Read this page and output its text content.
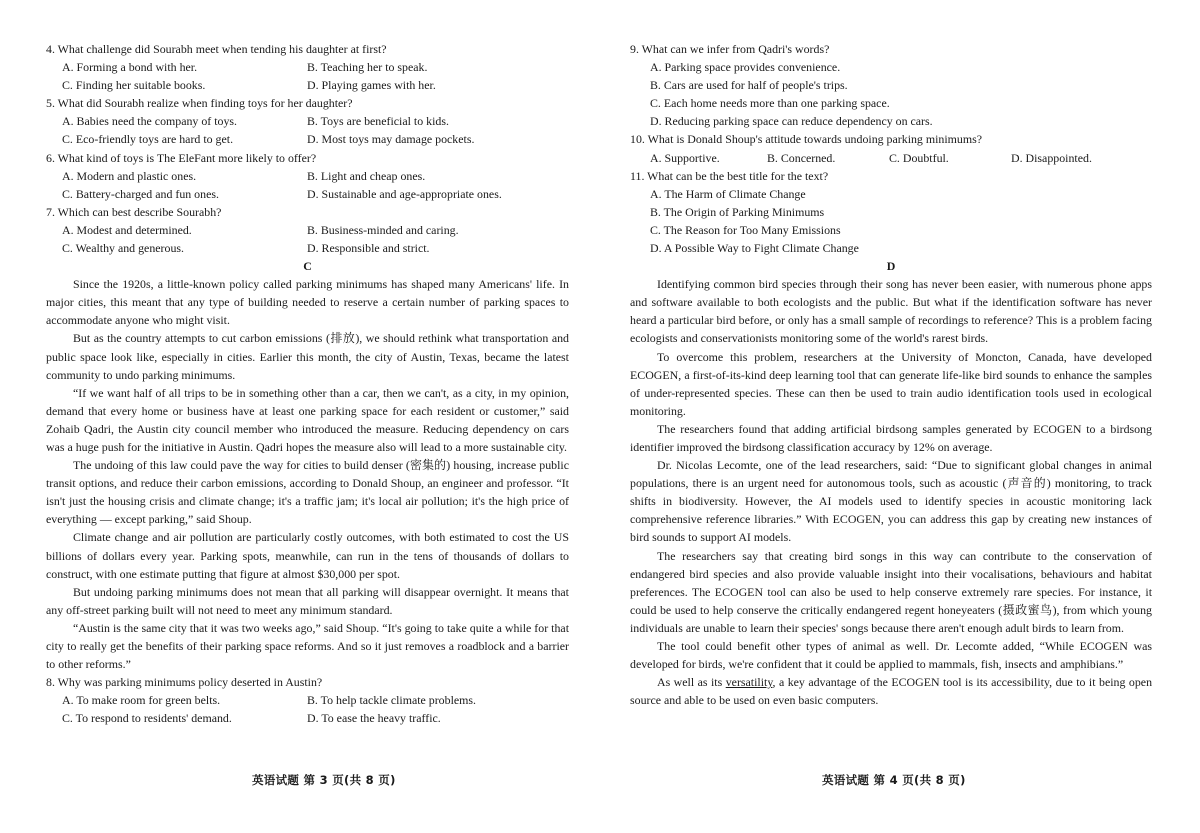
4. What challenge did Sourabh meet when tending his daughter at first?

A. Forming a bond with her.	B. Teaching her to speak.
C. Finding her suitable books.	D. Playing games with her.

5. What did Sourabh realize when finding toys for her daughter?

A. Babies need the company of toys.	B. Toys are beneficial to kids.
C. Eco-friendly toys are hard to get.	D. Most toys may damage pockets.

6. What kind of toys is The EleFant more likely to offer?

A. Modern and plastic ones.	B. Light and cheap ones.
C. Battery-charged and fun ones.	D. Sustainable and age-appropriate ones.

7. Which can best describe Sourabh?

A. Modest and determined.	B. Business-minded and caring.
C. Wealthy and generous.	D. Responsible and strict.

C

Since the 1920s, a little-known policy called parking minimums has shaped many Americans' life. In major cities, this meant that any type of building needed to reserve a certain number of parking spaces to accommodate anyone who might visit.

But as the country attempts to cut carbon emissions (排放), we should rethink what transportation and public space look like, especially in cities. Earlier this month, the city of Austin, Texas, became the latest community to undo parking minimums.

“If we want half of all trips to be in something other than a car, then we can't, as a city, in my opinion, demand that every home or business have at least one parking space for each resident or customer,” said Zohaib Qadri, the Austin city council member who introduced the measure. Reducing dependency on cars was a huge push for the initiative in Austin. Qadri hopes the measure also will lead to a more sustainable city.

The undoing of this law could pave the way for cities to build denser (密集的) housing, increase public transit options, and reduce their carbon emissions, according to Donald Shoup, an engineer and professor. “It isn't just the housing crisis and climate change; it's a traffic jam; it's local air pollution; it's the high price of everything — except parking,” said Shoup.

Climate change and air pollution are particularly costly outcomes, with both estimated to cost the US billions of dollars every year. Parking spots, meanwhile, can run in the tens of thousands of dollars to construct, with one estimate putting that figure at almost $30,000 per spot.

But undoing parking minimums does not mean that all parking will disappear overnight. It means that any off-street parking built will not need to meet any minimum standard.

“Austin is the same city that it was two weeks ago,” said Shoup. “It's going to take quite a while for that city to really get the benefits of their parking space reforms. And so it just removes a roadblock and a barrier to other reforms.”

8. Why was parking minimums policy deserted in Austin?

A. To make room for green belts.	B. To help tackle climate problems.
C. To respond to residents' demand.	D. To ease the heavy traffic.

9. What can we infer from Qadri's words?

A. Parking space provides convenience.
B. Cars are used for half of people's trips.
C. Each home needs more than one parking space.
D. Reducing parking space can reduce dependency on cars.

10. What is Donald Shoup's attitude towards undoing parking minimums?

A. Supportive.	B. Concerned.	C. Doubtful.	D. Disappointed.

11. What can be the best title for the text?

A. The Harm of Climate Change
B. The Origin of Parking Minimums
C. The Reason for Too Many Emissions
D. A Possible Way to Fight Climate Change

D

Identifying common bird species through their song has never been easier, with numerous phone apps and software available to both ecologists and the public. But what if the identification software has never heard a particular bird before, or only has a small sample of recordings to reference? This is a problem facing ecologists and conservationists monitoring some of the world's rarest birds.

To overcome this problem, researchers at the University of Moncton, Canada, have developed ECOGEN, a first-of-its-kind deep learning tool that can generate life-like bird sounds to enhance the samples of under-represented species. These can then be used to train audio identification tools used in ecological monitoring.

The researchers found that adding artificial birdsong samples generated by ECOGEN to a birdsong identifier improved the birdsong classification accuracy by 12% on average.

Dr. Nicolas Lecomte, one of the lead researchers, said: “Due to significant global changes in animal populations, there is an urgent need for autonomous tools, such as acoustic (声音的) monitoring, to track shifts in biodiversity. However, the AI models used to identify species in acoustic monitoring lack comprehensive reference libraries.” With ECOGEN, you can address this gap by creating new instances of bird sounds to support AI models.

The researchers say that creating bird songs in this way can contribute to the conservation of endangered bird species and also provide valuable insight into their vocalisations, behaviours and habitat preferences. The ECOGEN tool can also be used to help conserve extremely rare species. For instance, it could be used to help conserve the critically endangered regent honeyeaters (摄政蜜鸟), from which young individuals are unable to learn their species' songs because there aren't enough adult birds to learn from.

The tool could benefit other types of animal as well. Dr. Lecomte added, “While ECOGEN was developed for birds, we're confident that it could be applied to mammals, fish, insects and amphibians.”

As well as its versatility, a key advantage of the ECOGEN tool is its accessibility, due to it being open source and able to be used on even basic computers.

英语试题 第 3 页(共 8 页)	英语试题 第 4 页(共 8 页)
